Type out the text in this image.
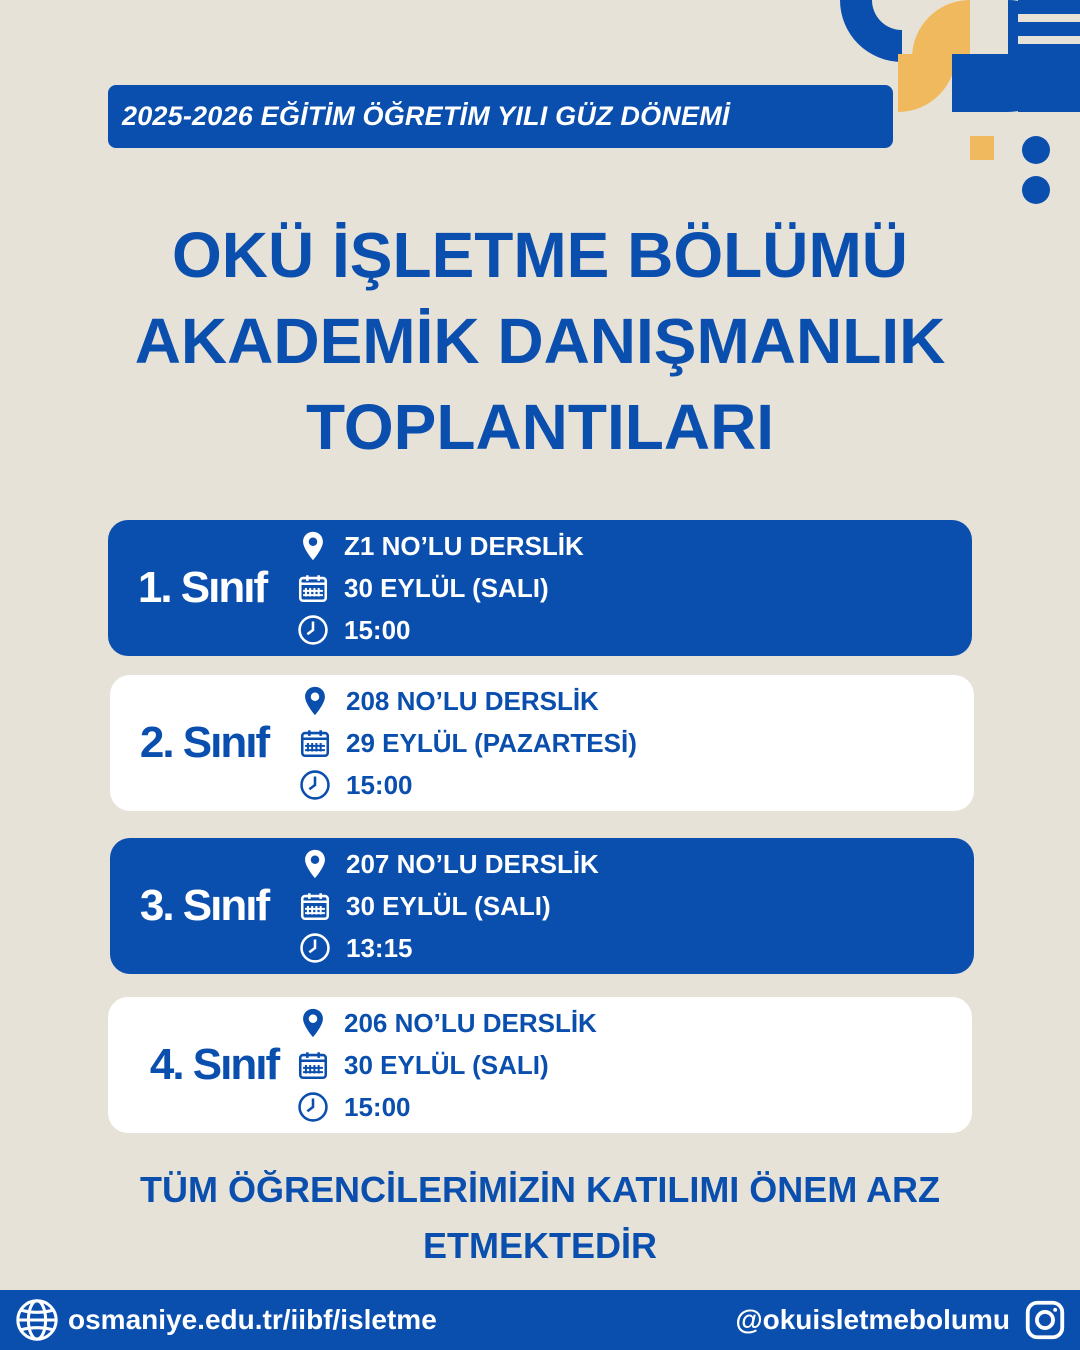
2025-2026 EĞİTİM ÖĞRETİM YILI GÜZ DÖNEMİ
OKÜ İŞLETME BÖLÜMÜ
AKADEMİK DANIŞMANLIK
TOPLANTILARI
1. Sınıf
Z1 NO’LU DERSLİK
30 EYLÜL (SALI)
15:00
2. Sınıf
208 NO’LU DERSLİK
29 EYLÜL (PAZARTESİ)
15:00
3. Sınıf
207 NO’LU DERSLİK
30 EYLÜL (SALI)
13:15
4. Sınıf
206 NO’LU DERSLİK
30 EYLÜL (SALI)
15:00
TÜM ÖĞRENCİLERİMİZİN KATILIMI ÖNEM ARZ ETMEKTEDİR
osmaniye.edu.tr/iibf/isletme	@okuisletmebolumu
